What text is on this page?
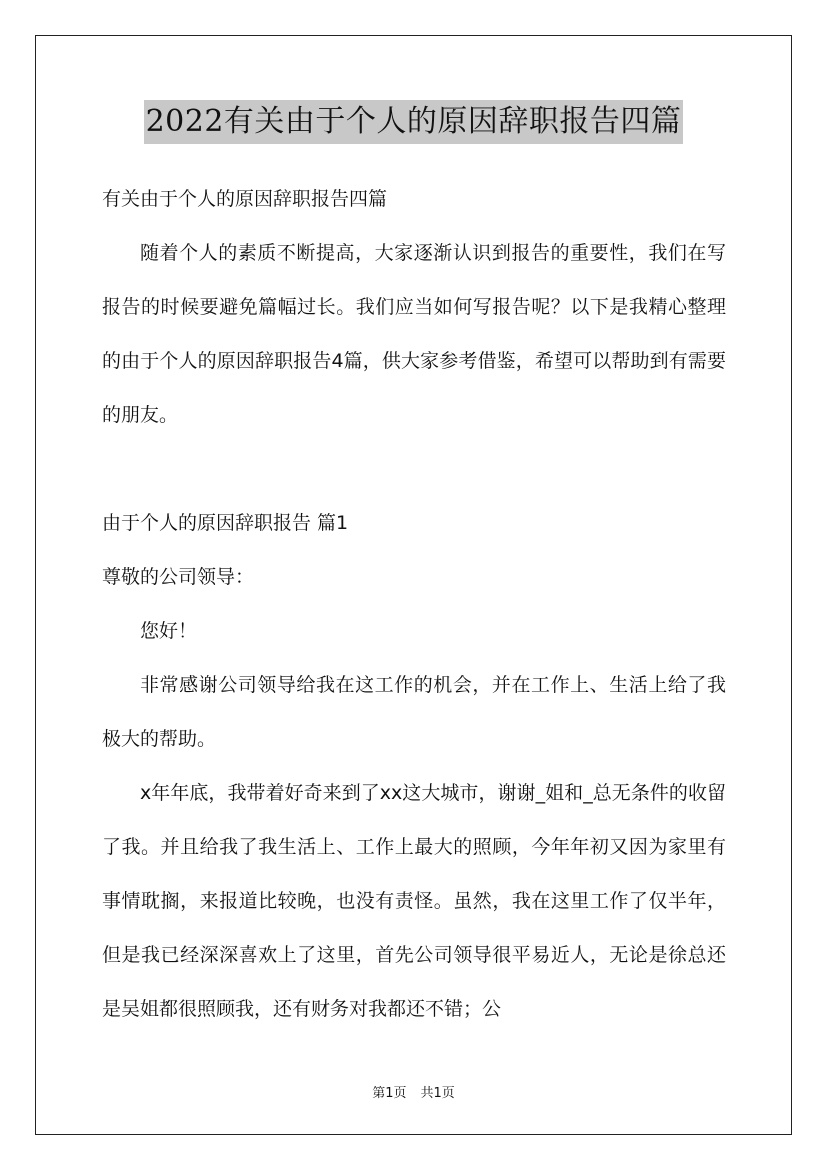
2022有关由于个人的原因辞职报告四篇

有关由于个人的原因辞职报告四篇

随着个人的素质不断提高，大家逐渐认识到报告的重要性，我们在写报告的时候要避免篇幅过长。我们应当如何写报告呢？以下是我精心整理的由于个人的原因辞职报告4篇，供大家参考借鉴，希望可以帮助到有需要的朋友。

由于个人的原因辞职报告 篇1

尊敬的公司领导：

您好！

非常感谢公司领导给我在这工作的机会，并在工作上、生活上给了我极大的帮助。

x年年底，我带着好奇来到了xx这大城市，谢谢_姐和_总无条件的收留了我。并且给我了我生活上、工作上最大的照顾，今年年初又因为家里有事情耽搁，来报道比较晚，也没有责怪。虽然，我在这里工作了仅半年，但是我已经深深喜欢上了这里，首先公司领导很平易近人，无论是徐总还是吴姐都很照顾我，还有财务对我都还不错；公

第1页 共1页
